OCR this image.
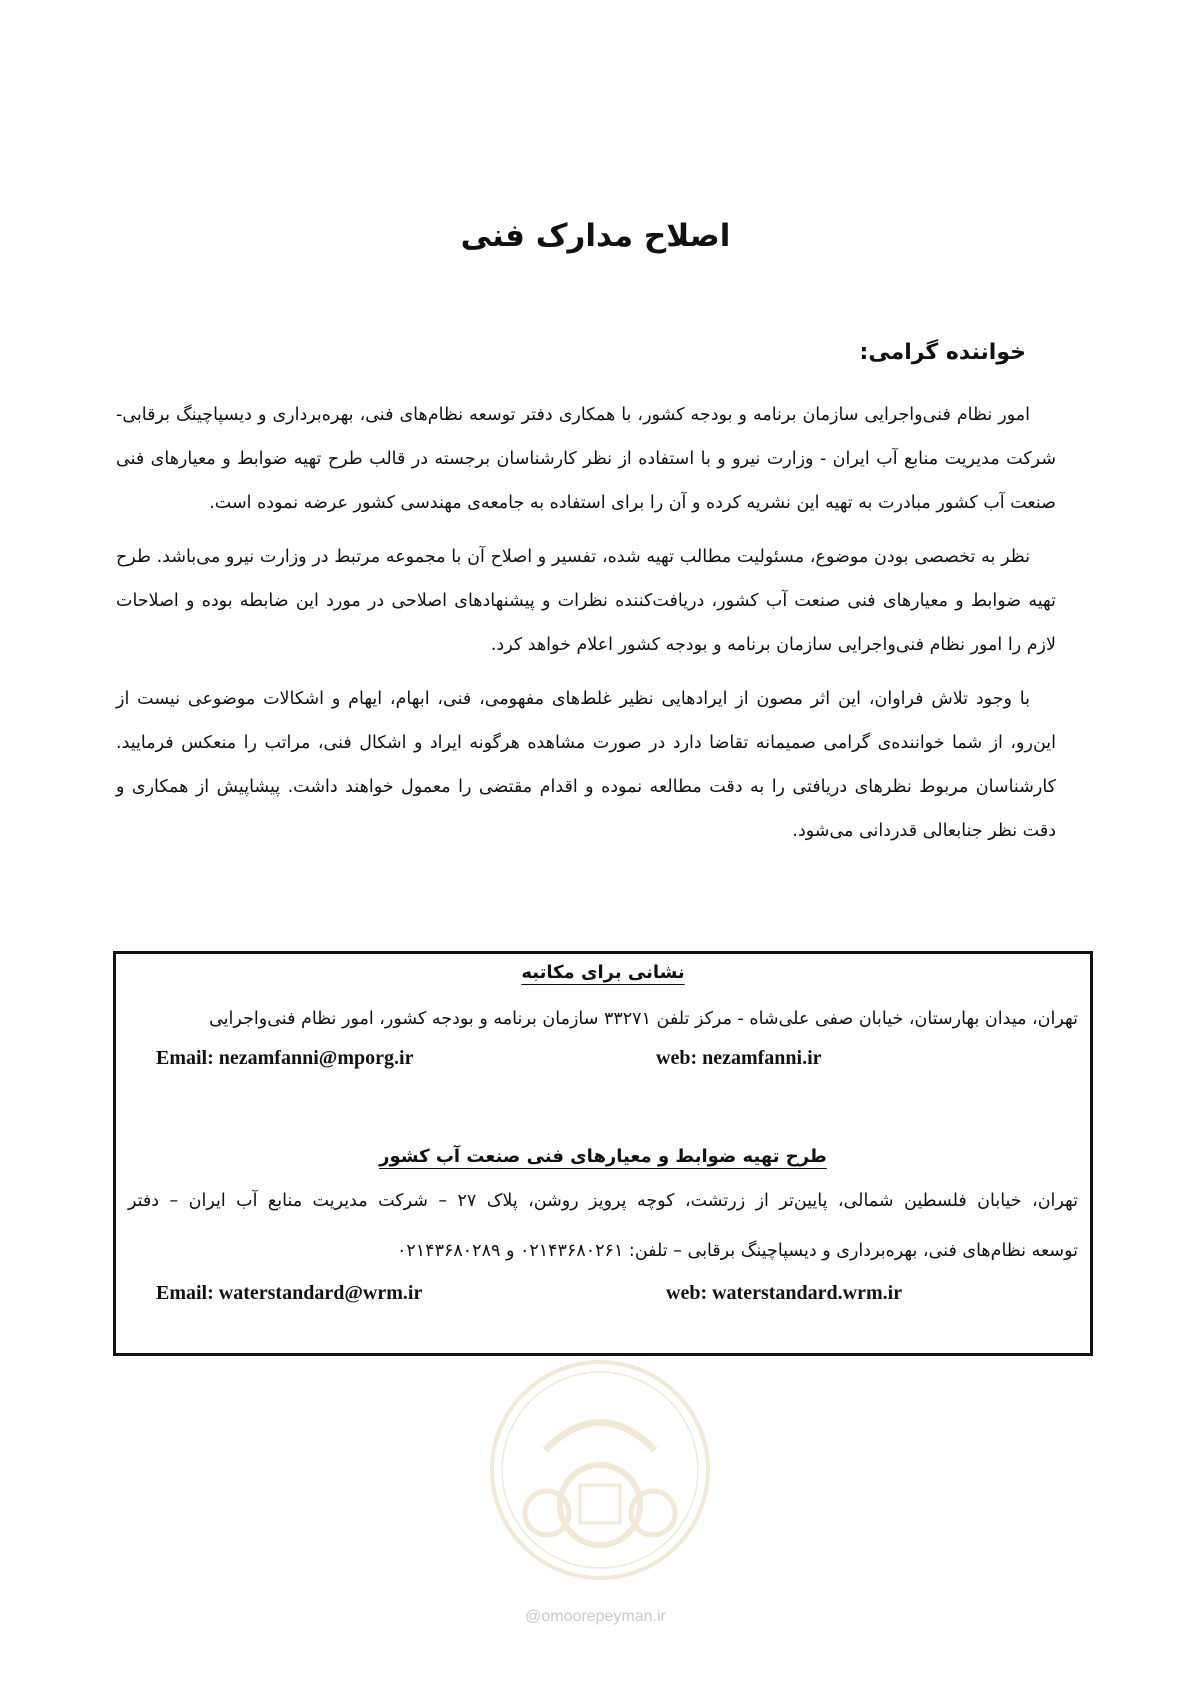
اصلاح مدارک فنی
خواننده گرامی:

امور نظام فنی‌واجرایی سازمان برنامه و بودجه کشور، با همکاری دفتر توسعه نظام‌های فنی، بهره‌برداری و دیسپاچینگ برقابی- شرکت مدیریت منابع آب ایران - وزارت نیرو و با استفاده از نظر کارشناسان برجسته در قالب طرح تهیه ضوابط و معیارهای فنی صنعت آب کشور مبادرت به تهیه این نشریه کرده و آن را برای استفاده به جامعه‌ی مهندسی کشور عرضه نموده است.

نظر به تخصصی بودن موضوع، مسئولیت مطالب تهیه شده، تفسیر و اصلاح آن با مجموعه مرتبط در وزارت نیرو می‌باشد. طرح تهیه ضوابط و معیارهای فنی صنعت آب کشور، دریافت‌کننده نظرات و پیشنهادهای اصلاحی در مورد این ضابطه بوده و اصلاحات لازم را امور نظام فنی‌واجرایی سازمان برنامه و بودجه کشور اعلام خواهد کرد.

با وجود تلاش فراوان، این اثر مصون از ایرادهایی نظیر غلط‌های مفهومی، فنی، ابهام، ایهام و اشکالات موضوعی نیست از این‌رو، از شما خواننده‌ی گرامی صمیمانه تقاضا دارد در صورت مشاهده هرگونه ایراد و اشکال فنی، مراتب را منعکس فرمایید. کارشناسان مربوط نظرهای دریافتی را به دقت مطالعه نموده و اقدام مقتضی را معمول خواهند داشت. پیشاپیش از همکاری و دقت نظر جنابعالی قدردانی می‌شود.

نشانی برای مکاتبه
تهران، میدان بهارستان، خیابان صفی علی‌شاه - مرکز تلفن ۳۳۲۷۱ سازمان برنامه و بودجه کشور، امور نظام فنی‌واجرایی
Email: nezamfanni@mporg.ir	web: nezamfanni.ir
طرح تهیه ضوابط و معیارهای فنی صنعت آب کشور
تهران، خیابان فلسطین شمالی، پایین‌تر از زرتشت، کوچه پرویز روشن، پلاک ۲۷ – شرکت مدیریت منابع آب ایران – دفتر
توسعه نظام‌های فنی، بهره‌برداری و دیسپاچینگ برقابی – تلفن: ۰۲۱۴۳۶۸۰۲۶۱ و ۰۲۱۴۳۶۸۰۲۸۹
Email: waterstandard@wrm.ir	web: waterstandard.wrm.ir
@omoorepeyman.ir
